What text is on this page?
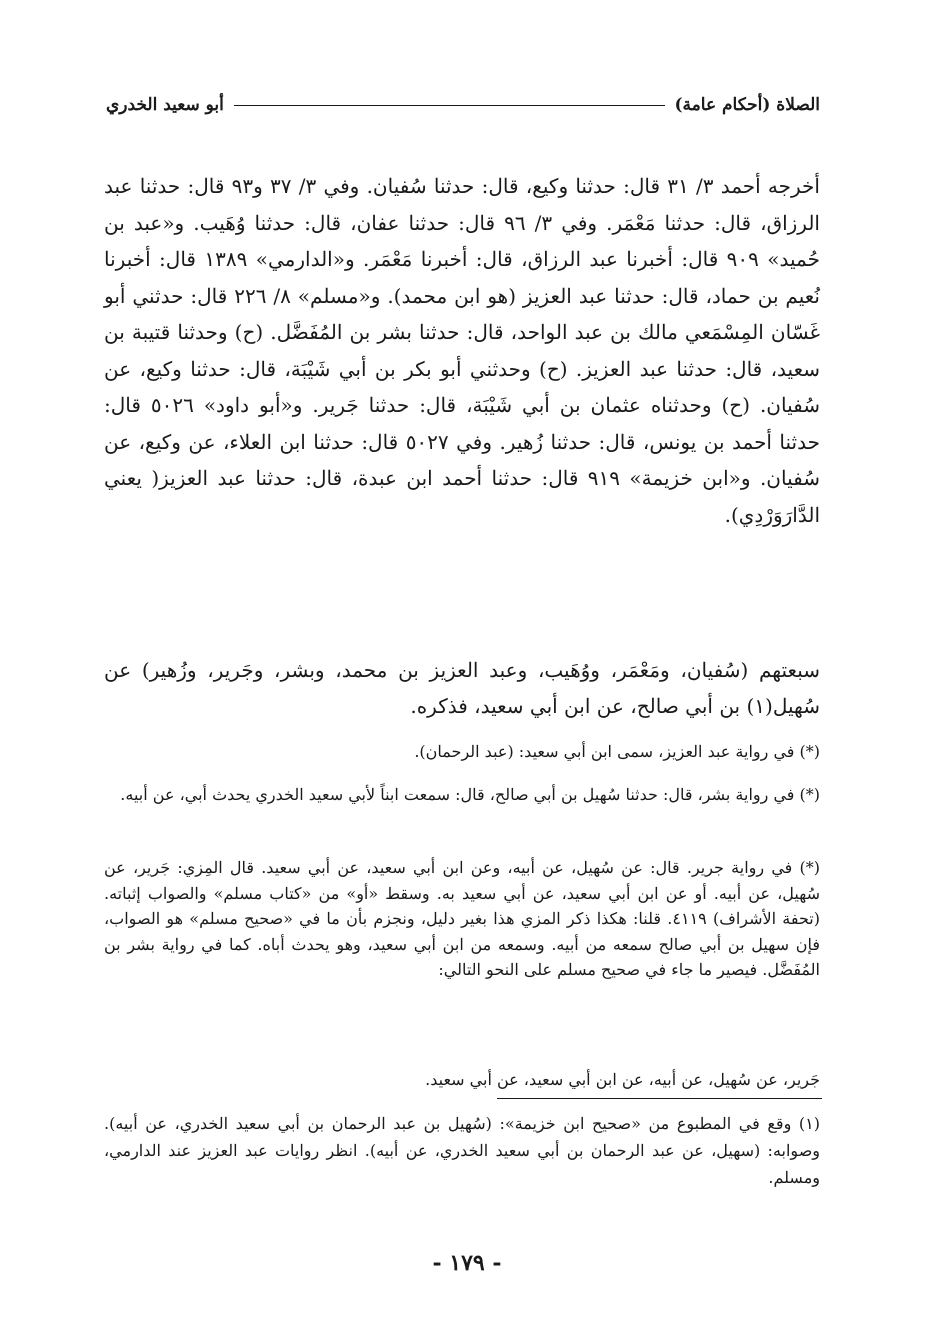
الصلاة (أحكام عامة)
أبو سعيد الخدري

أخرجه أحمد ٣/ ٣١ قال: حدثنا وكيع، قال: حدثنا سُفيان. وفي ٣/ ٣٧ و٩٣ قال: حدثنا عبد الرزاق، قال: حدثنا مَعْمَر. وفي ٣/ ٩٦ قال: حدثنا عفان، قال: حدثنا وُهَيب. و«عبد بن حُميد» ٩٠٩ قال: أخبرنا عبد الرزاق، قال: أخبرنا مَعْمَر. و«الدارمي» ١٣٨٩ قال: أخبرنا نُعيم بن حماد، قال: حدثنا عبد العزيز (هو ابن محمد). و«مسلم» ٨/ ٢٢٦ قال: حدثني أبو غَسّان المِسْمَعي مالك بن عبد الواحد، قال: حدثنا بشر بن المُفَضَّل. (ح) وحدثنا قتيبة بن سعيد، قال: حدثنا عبد العزيز. (ح) وحدثني أبو بكر بن أبي شَيْبَة، قال: حدثنا وكيع، عن سُفيان. (ح) وحدثناه عثمان بن أبي شَيْبَة، قال: حدثنا جَرير. و«أبو داود» ٥٠٢٦ قال: حدثنا أحمد بن يونس، قال: حدثنا زُهير. وفي ٥٠٢٧ قال: حدثنا ابن العلاء، عن وكيع، عن سُفيان. و«ابن خزيمة» ٩١٩ قال: حدثنا أحمد ابن عبدة، قال: حدثنا عبد العزيز( يعني الدَّارَوَرْدِي).

سبعتهم (سُفيان، ومَعْمَر، ووُهَيب، وعبد العزيز بن محمد، وبشر، وجَرير، وزُهير) عن سُهيل(١) بن أبي صالح، عن ابن أبي سعيد، فذكره.

(*) في رواية عبد العزيز، سمى ابن أبي سعيد: (عبد الرحمان).

(*) في رواية بشر، قال: حدثنا سُهيل بن أبي صالح، قال: سمعت ابناً لأبي سعيد الخدري يحدث أبي، عن أبيه.

(*) في رواية جرير. قال: عن سُهيل، عن أبيه، وعن ابن أبي سعيد، عن أبي سعيد. قال المِزي: جَرير، عن سُهيل، عن أبيه. أو عن ابن أبي سعيد، عن أبي سعيد به. وسقط «أو» من «كتاب مسلم» والصواب إثباته. (تحفة الأشراف) ٤١١٩. قلنا: هكذا ذكر المزي هذا بغير دليل، ونجزم بأن ما في «صحيح مسلم» هو الصواب، فإن سهيل بن أبي صالح سمعه من أبيه. وسمعه من ابن أبي سعيد، وهو يحدث أباه. كما في رواية بشر بن المُفَضَّل. فيصير ما جاء في صحيح مسلم على النحو التالي:

جَرير، عن سُهيل، عن أبيه، عن ابن أبي سعيد، عن أبي سعيد.

(١) وقع في المطبوع من «صحيح ابن خزيمة»: (سُهيل بن عبد الرحمان بن أبي سعيد الخدري، عن أبيه). وصوابه: (سهيل، عن عبد الرحمان بن أبي سعيد الخدري، عن أبيه). انظر روايات عبد العزيز عند الدارمي، ومسلم.

- ١٧٩ -
